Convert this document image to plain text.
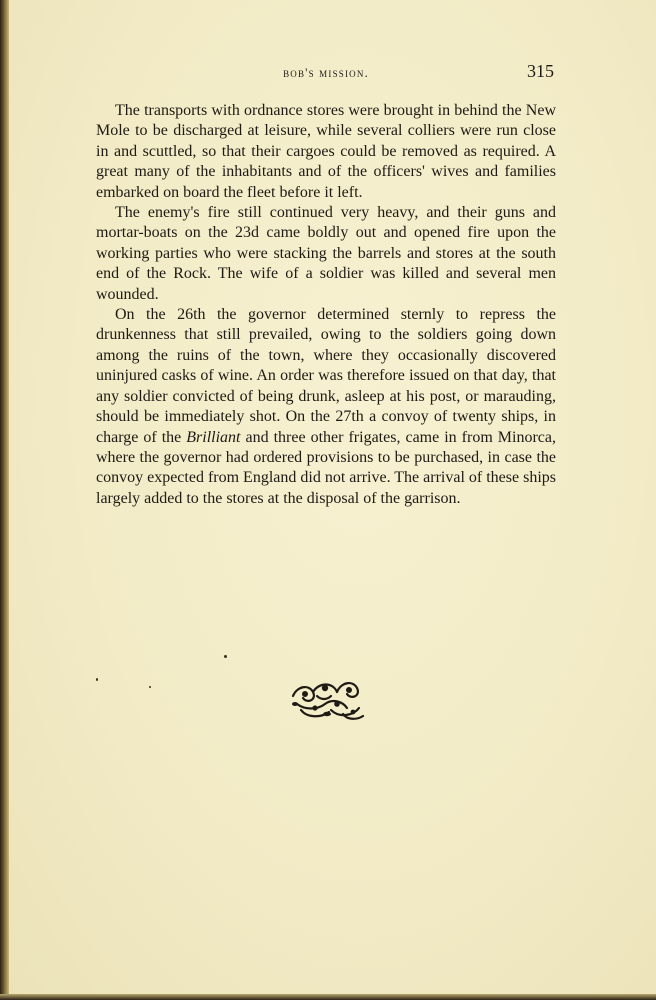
bob's mission.	315

The transports with ordnance stores were brought in behind the New Mole to be discharged at leisure, while several colliers were run close in and scuttled, so that their cargoes could be removed as required. A great many of the inhabitants and of the officers' wives and families embarked on board the fleet before it left.

The enemy's fire still continued very heavy, and their guns and mortar-boats on the 23d came boldly out and opened fire upon the working parties who were stacking the barrels and stores at the south end of the Rock. The wife of a soldier was killed and several men wounded.

On the 26th the governor determined sternly to repress the drunkenness that still prevailed, owing to the soldiers going down among the ruins of the town, where they occasionally discovered uninjured casks of wine. An order was therefore issued on that day, that any soldier convicted of being drunk, asleep at his post, or marauding, should be immediately shot. On the 27th a convoy of twenty ships, in charge of the Brilliant and three other frigates, came in from Minorca, where the governor had ordered provisions to be purchased, in case the convoy expected from England did not arrive. The arrival of these ships largely added to the stores at the disposal of the garrison.
